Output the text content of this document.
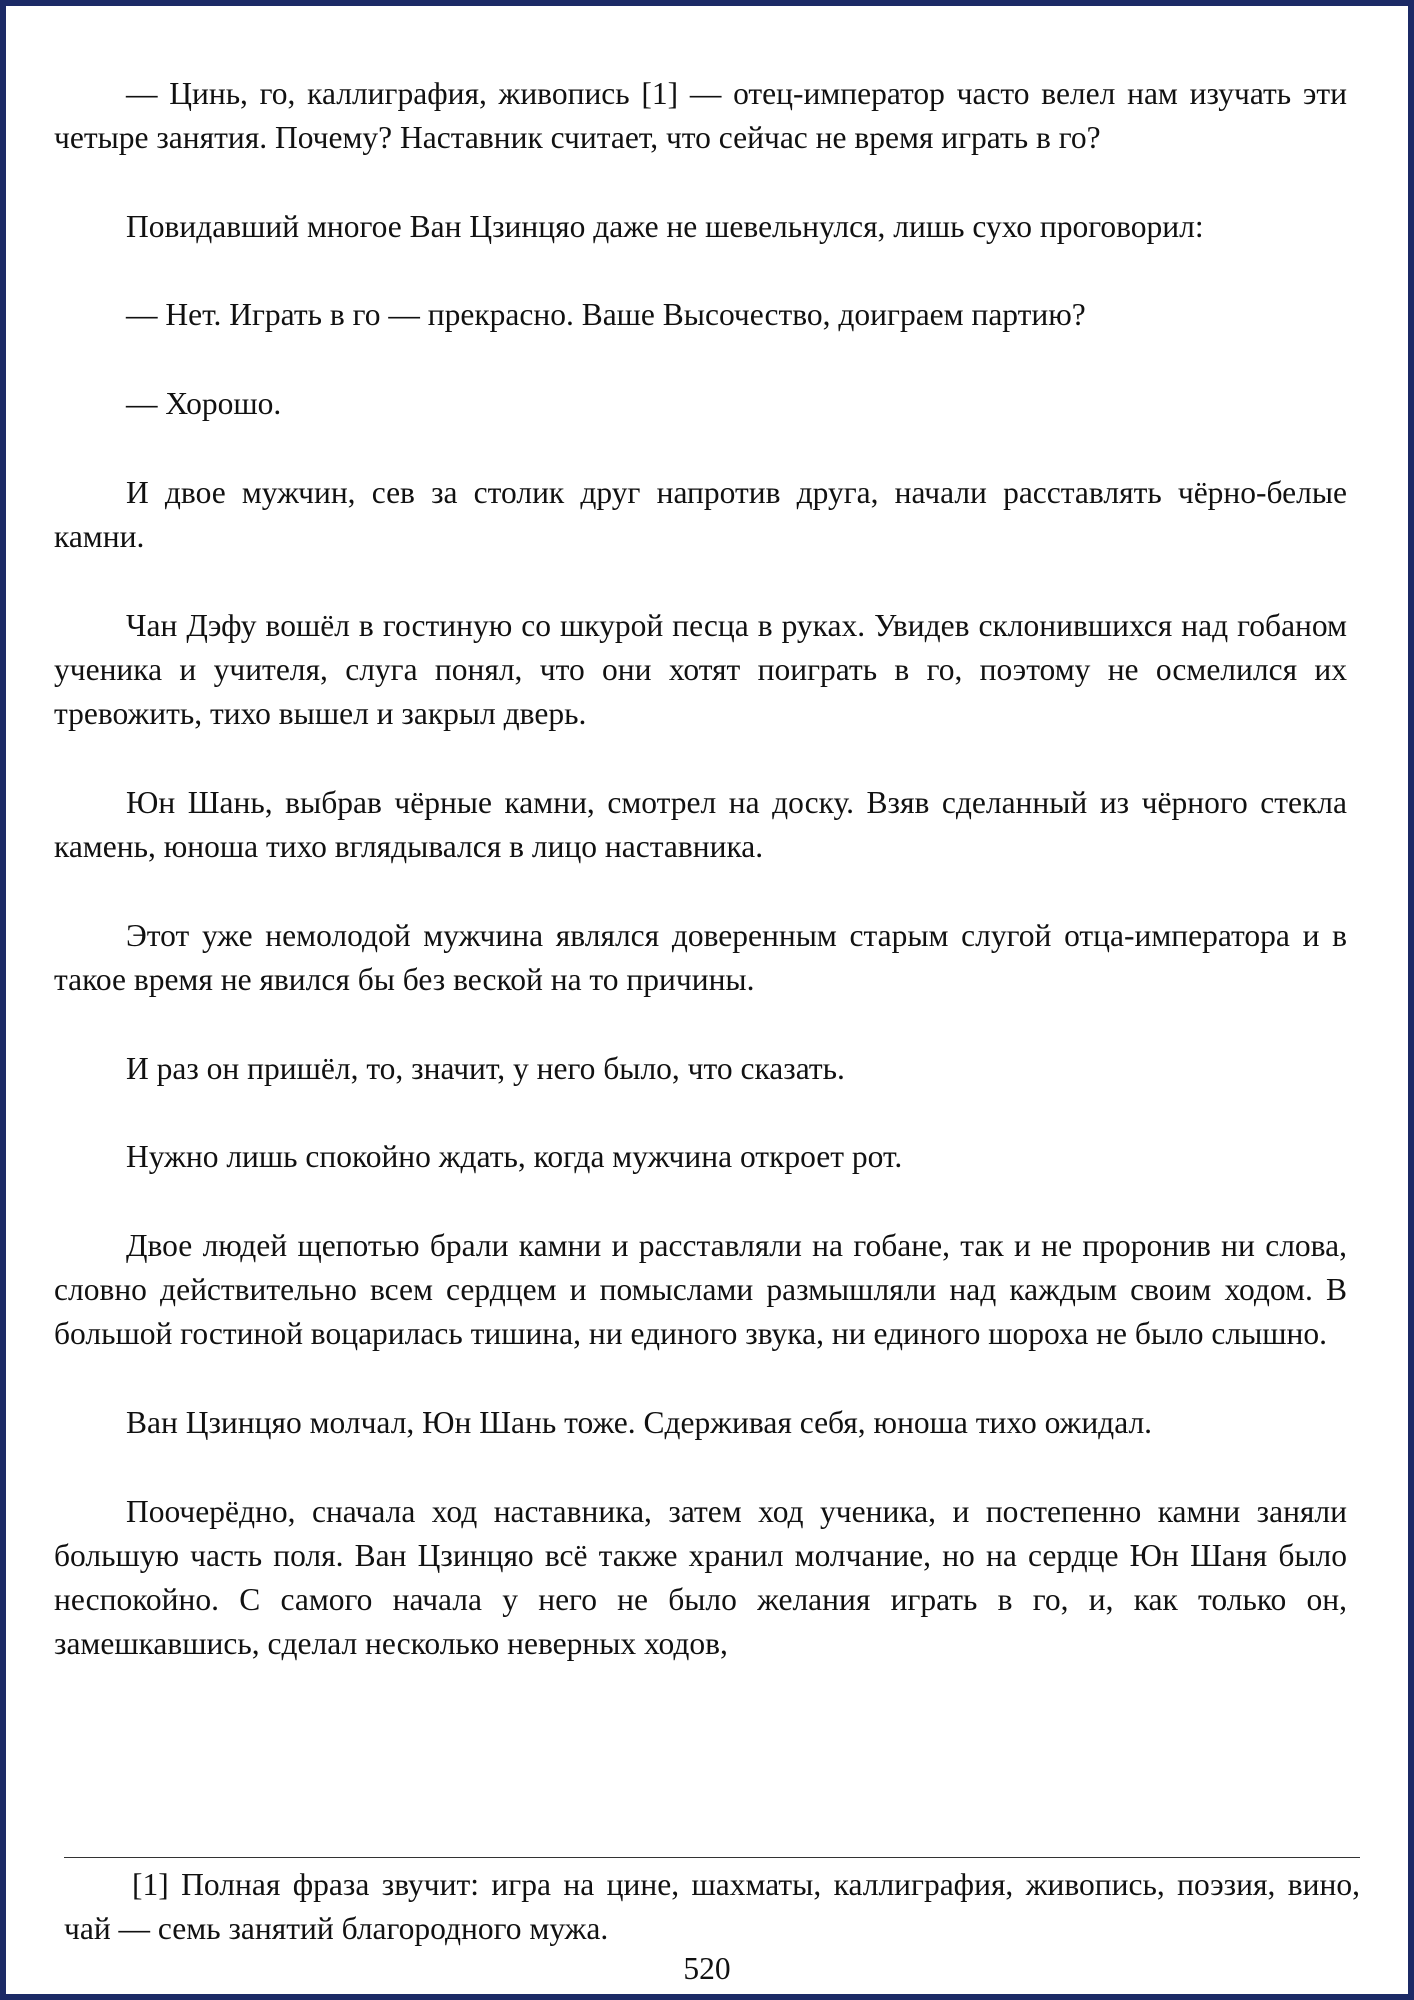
— Цинь, го, каллиграфия, живопись [1] — отец-император часто велел нам изучать эти четыре занятия. Почему? Наставник считает, что сейчас не время играть в го?

Повидавший многое Ван Цзинцяо даже не шевельнулся, лишь сухо проговорил:

— Нет. Играть в го — прекрасно. Ваше Высочество, доиграем партию?

— Хорошо.

И двое мужчин, сев за столик друг напротив друга, начали расставлять чёрно-белые камни.

Чан Дэфу вошёл в гостиную со шкурой песца в руках. Увидев склонившихся над гобаном ученика и учителя, слуга понял, что они хотят поиграть в го, поэтому не осмелился их тревожить, тихо вышел и закрыл дверь.

Юн Шань, выбрав чёрные камни, смотрел на доску. Взяв сделанный из чёрного стекла камень, юноша тихо вглядывался в лицо наставника.

Этот уже немолодой мужчина являлся доверенным старым слугой отца-императора и в такое время не явился бы без веской на то причины.

И раз он пришёл, то, значит, у него было, что сказать.

Нужно лишь спокойно ждать, когда мужчина откроет рот.

Двое людей щепотью брали камни и расставляли на гобане, так и не проронив ни слова, словно действительно всем сердцем и помыслами размышляли над каждым своим ходом. В большой гостиной воцарилась тишина, ни единого звука, ни единого шороха не было слышно.

Ван Цзинцяо молчал, Юн Шань тоже. Сдерживая себя, юноша тихо ожидал.

Поочерёдно, сначала ход наставника, затем ход ученика, и постепенно камни заняли большую часть поля. Ван Цзинцяо всё также хранил молчание, но на сердце Юн Шаня было неспокойно. С самого начала у него не было желания играть в го, и, как только он, замешкавшись, сделал несколько неверных ходов,

[1] Полная фраза звучит: игра на цине, шахматы, каллиграфия, живопись, поэзия, вино, чай — семь занятий благородного мужа.

520
